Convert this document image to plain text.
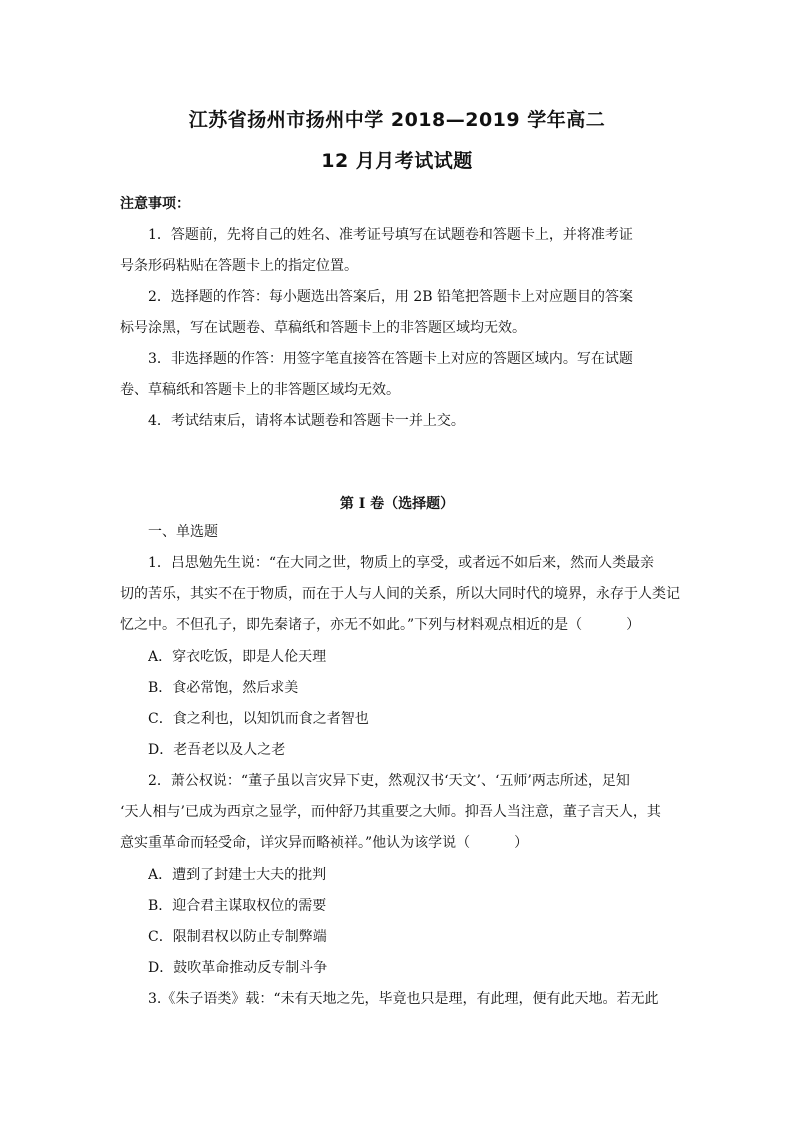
江苏省扬州市扬州中学 2018—2019 学年高二
12 月月考试试题
注意事项：
1．答题前，先将自己的姓名、准考证号填写在试题卷和答题卡上，并将准考证
号条形码粘贴在答题卡上的指定位置。
2．选择题的作答：每小题选出答案后，用 2B 铅笔把答题卡上对应题目的答案
标号涂黑，写在试题卷、草稿纸和答题卡上的非答题区域均无效。
3．非选择题的作答：用签字笔直接答在答题卡上对应的答题区域内。写在试题
卷、草稿纸和答题卡上的非答题区域均无效。
4．考试结束后，请将本试题卷和答题卡一并上交。
第 I 卷（选择题）
一、单选题
1．吕思勉先生说：“在大同之世，物质上的享受，或者远不如后来，然而人类最亲
切的苦乐，其实不在于物质，而在于人与人间的关系，所以大同时代的境界，永存于人类记
忆之中。不但孔子，即先秦诸子，亦无不如此。”下列与材料观点相近的是（	）
A．穿衣吃饭，即是人伦天理
B．食必常饱，然后求美
C．食之利也，以知饥而食之者智也
D．老吾老以及人之老
2．萧公权说：“董子虽以言灾异下吏，然观汉书‘天文’、‘五师’两志所述，足知
‘天人相与’已成为西京之显学，而仲舒乃其重要之大师。抑吾人当注意，董子言天人，其
意实重革命而轻受命，详灾异而略祯祥。”他认为该学说（	）
A．遭到了封建士大夫的批判
B．迎合君主谋取权位的需要
C．限制君权以防止专制弊端
D．鼓吹革命推动反专制斗争
3.《朱子语类》载：“未有天地之先，毕竟也只是理，有此理，便有此天地。若无此
